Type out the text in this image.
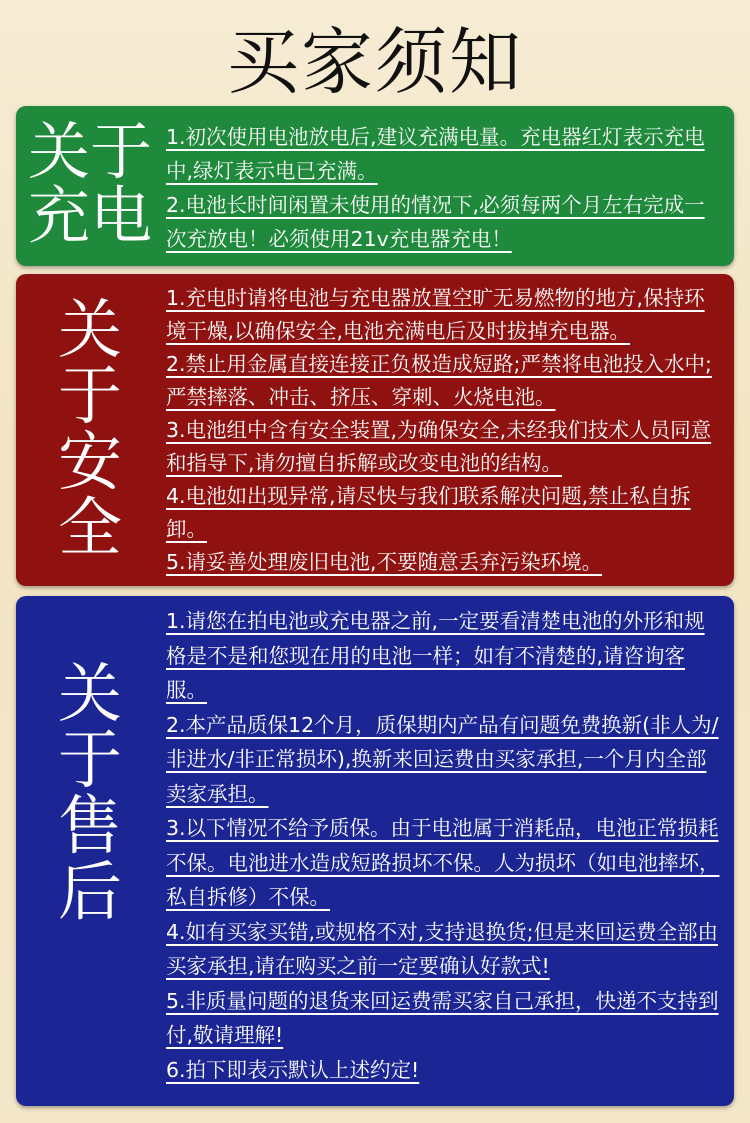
买家须知
关于
充电

1.初次使用电池放电后,建议充满电量。充电器红灯表示充电中,绿灯表示电已充满。

2.电池长时间闲置未使用的情况下,必须每两个月左右完成一次充放电！必须使用21v充电器充电！

关
于
安
全

1.充电时请将电池与充电器放置空旷无易燃物的地方,保持环境干燥,以确保安全,电池充满电后及时拔掉充电器。

2.禁止用金属直接连接正负极造成短路;严禁将电池投入水中;严禁摔落、冲击、挤压、穿刺、火烧电池。

3.电池组中含有安全装置,为确保安全,未经我们技术人员同意和指导下,请勿擅自拆解或改变电池的结构。

4.电池如出现异常,请尽快与我们联系解决问题,禁止私自拆卸。

5.请妥善处理废旧电池,不要随意丢弃污染环境。

关
于
售
后

1.请您在拍电池或充电器之前,一定要看清楚电池的外形和规格是不是和您现在用的电池一样；如有不清楚的,请咨询客服。

2.本产品质保12个月，质保期内产品有问题免费换新(非人为/非进水/非正常损坏),换新来回运费由买家承担,一个月内全部卖家承担。

3.以下情况不给予质保。由于电池属于消耗品，电池正常损耗不保。电池进水造成短路损坏不保。人为损坏（如电池摔坏，私自拆修）不保。

4.如有买家买错,或规格不对,支持退换货;但是来回运费全部由买家承担,请在购买之前一定要确认好款式!

5.非质量问题的退货来回运费需买家自己承担，快递不支持到付,敬请理解!

6.拍下即表示默认上述约定!
